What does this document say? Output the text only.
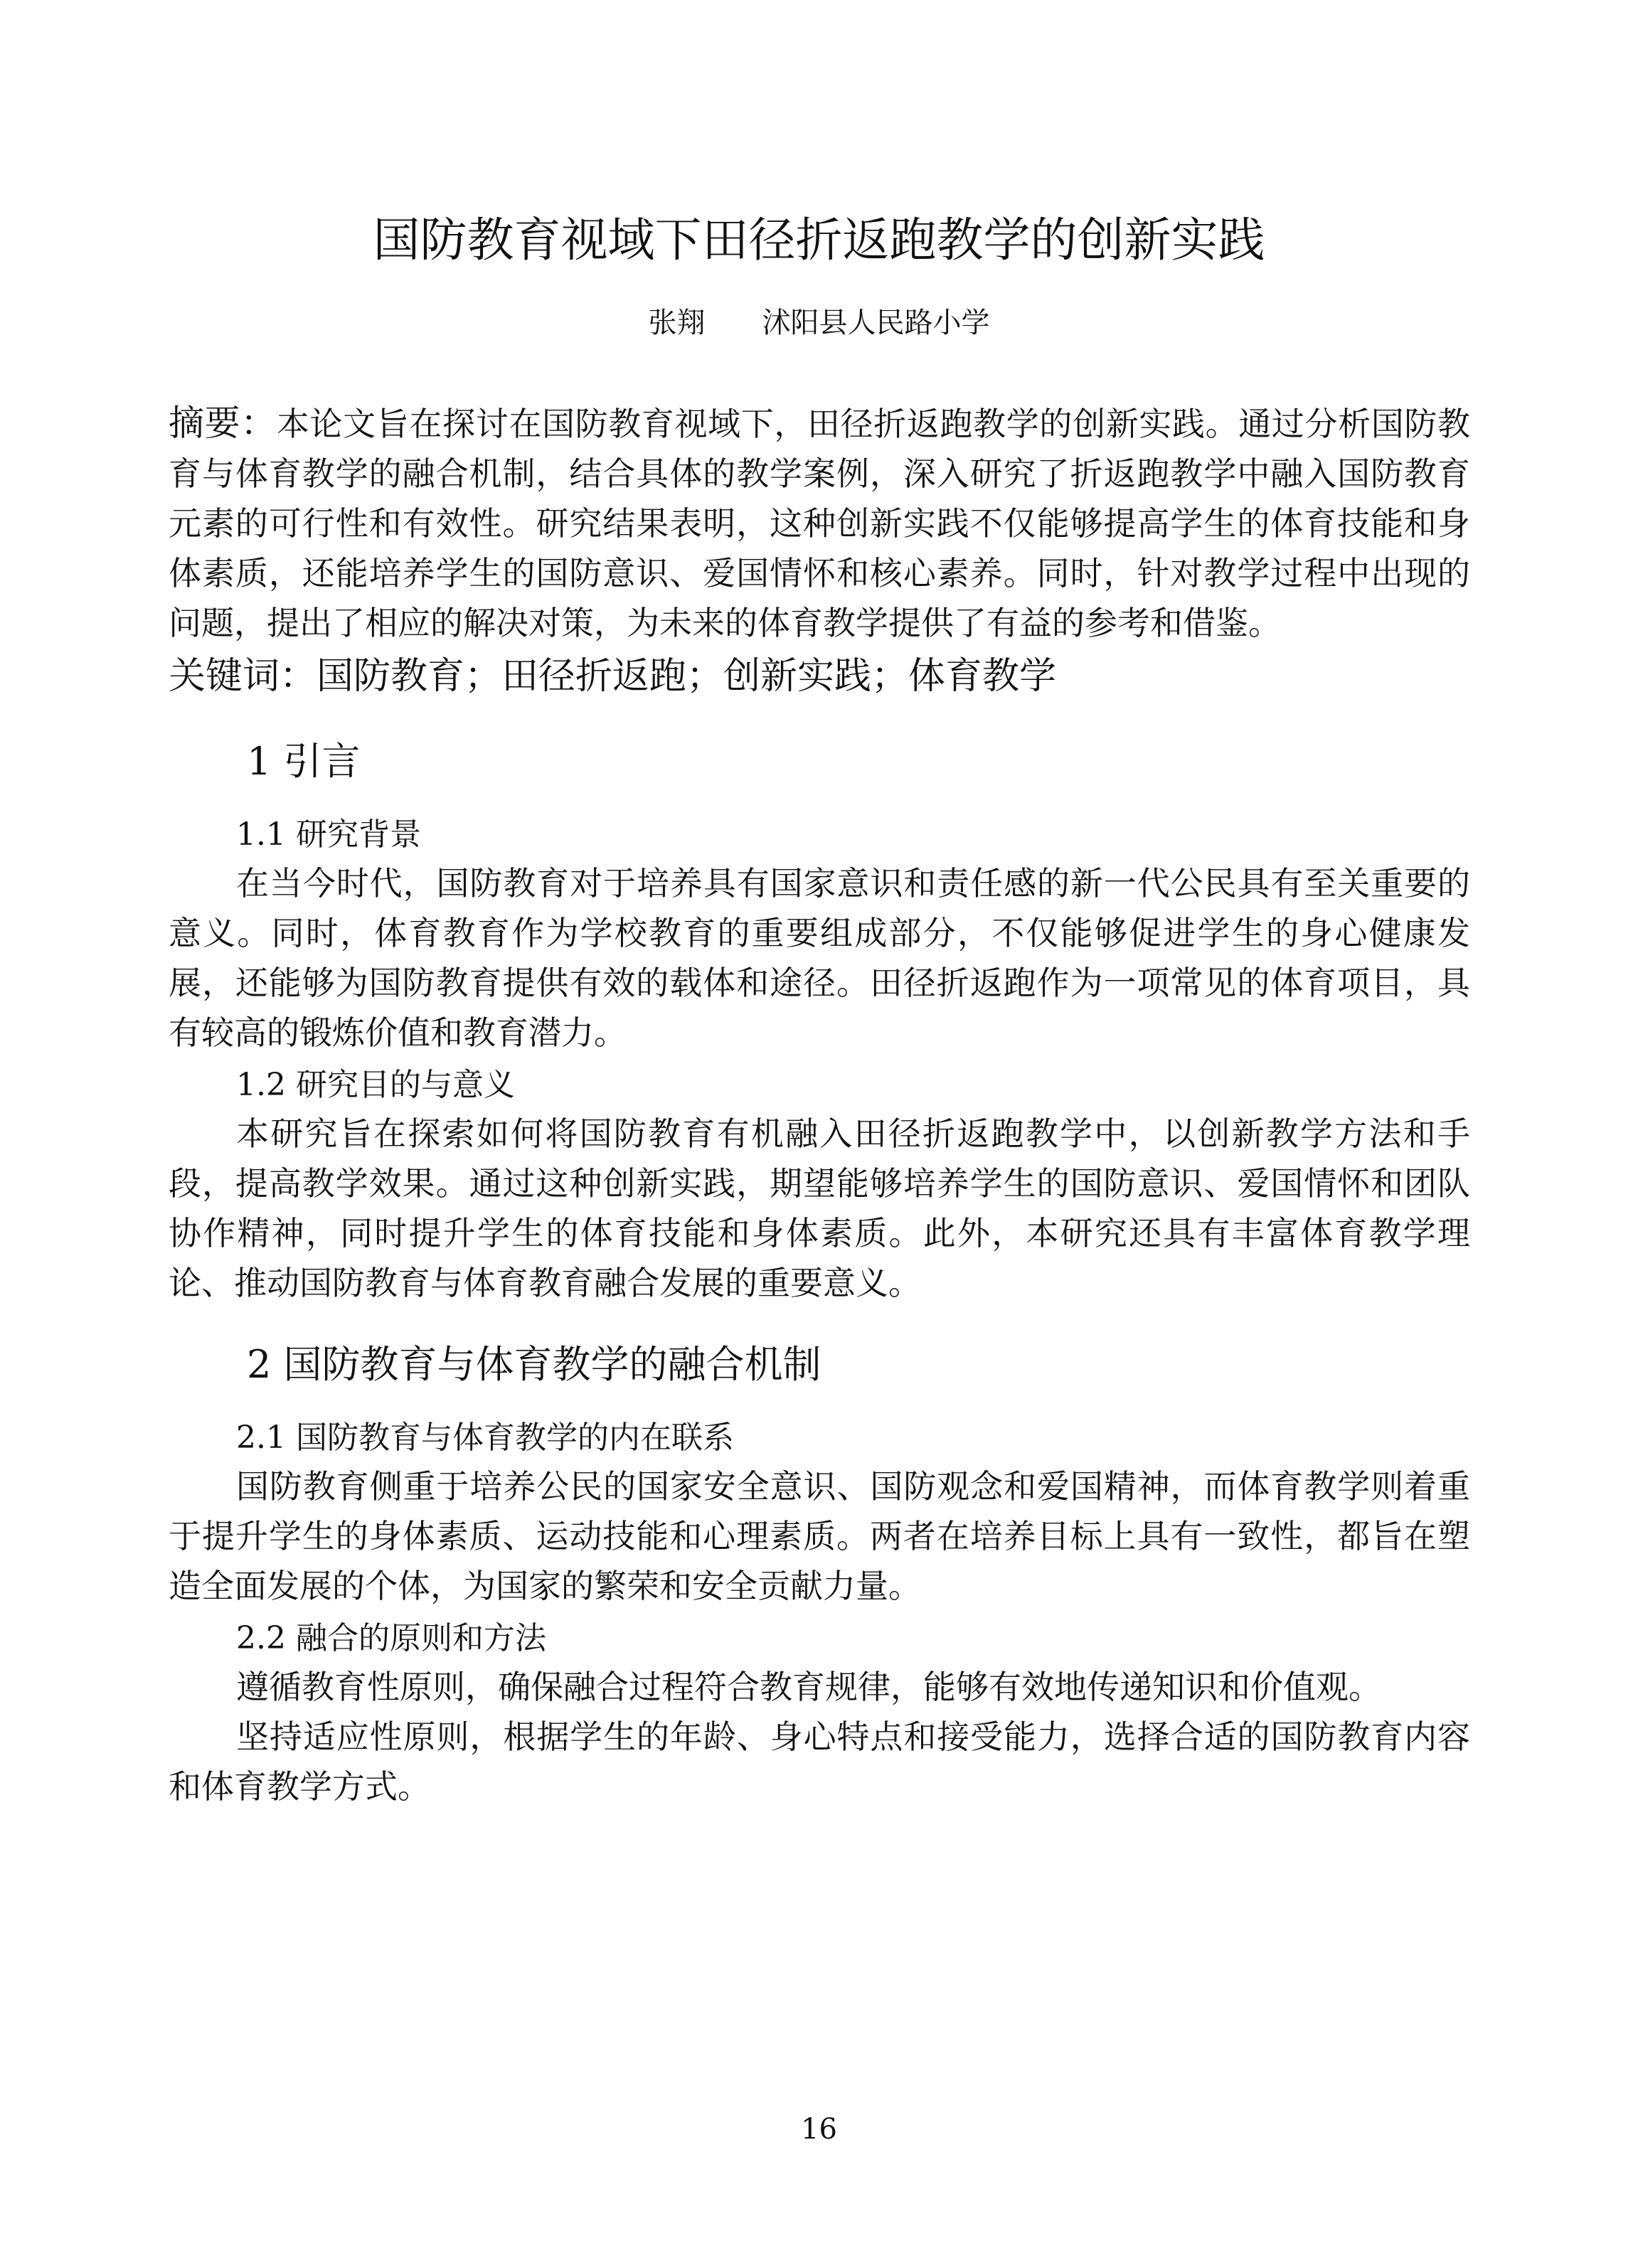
国防教育视域下田径折返跑教学的创新实践
张翔 沭阳县人民路小学

摘要：本论文旨在探讨在国防教育视域下，田径折返跑教学的创新实践。通过分析国防教育与体育教学的融合机制，结合具体的教学案例，深入研究了折返跑教学中融入国防教育元素的可行性和有效性。研究结果表明，这种创新实践不仅能够提高学生的体育技能和身体素质，还能培养学生的国防意识、爱国情怀和核心素养。同时，针对教学过程中出现的问题，提出了相应的解决对策，为未来的体育教学提供了有益的参考和借鉴。

关键词：国防教育；田径折返跑；创新实践；体育教学

1 引言
1.1 研究背景

在当今时代，国防教育对于培养具有国家意识和责任感的新一代公民具有至关重要的意义。同时，体育教育作为学校教育的重要组成部分，不仅能够促进学生的身心健康发展，还能够为国防教育提供有效的载体和途径。田径折返跑作为一项常见的体育项目，具有较高的锻炼价值和教育潜力。

1.2 研究目的与意义

本研究旨在探索如何将国防教育有机融入田径折返跑教学中，以创新教学方法和手段，提高教学效果。通过这种创新实践，期望能够培养学生的国防意识、爱国情怀和团队协作精神，同时提升学生的体育技能和身体素质。此外，本研究还具有丰富体育教学理论、推动国防教育与体育教育融合发展的重要意义。

2 国防教育与体育教学的融合机制
2.1 国防教育与体育教学的内在联系

国防教育侧重于培养公民的国家安全意识、国防观念和爱国精神，而体育教学则着重于提升学生的身体素质、运动技能和心理素质。两者在培养目标上具有一致性，都旨在塑造全面发展的个体，为国家的繁荣和安全贡献力量。

2.2 融合的原则和方法

遵循教育性原则，确保融合过程符合教育规律，能够有效地传递知识和价值观。

坚持适应性原则，根据学生的年龄、身心特点和接受能力，选择合适的国防教育内容和体育教学方式。

16
